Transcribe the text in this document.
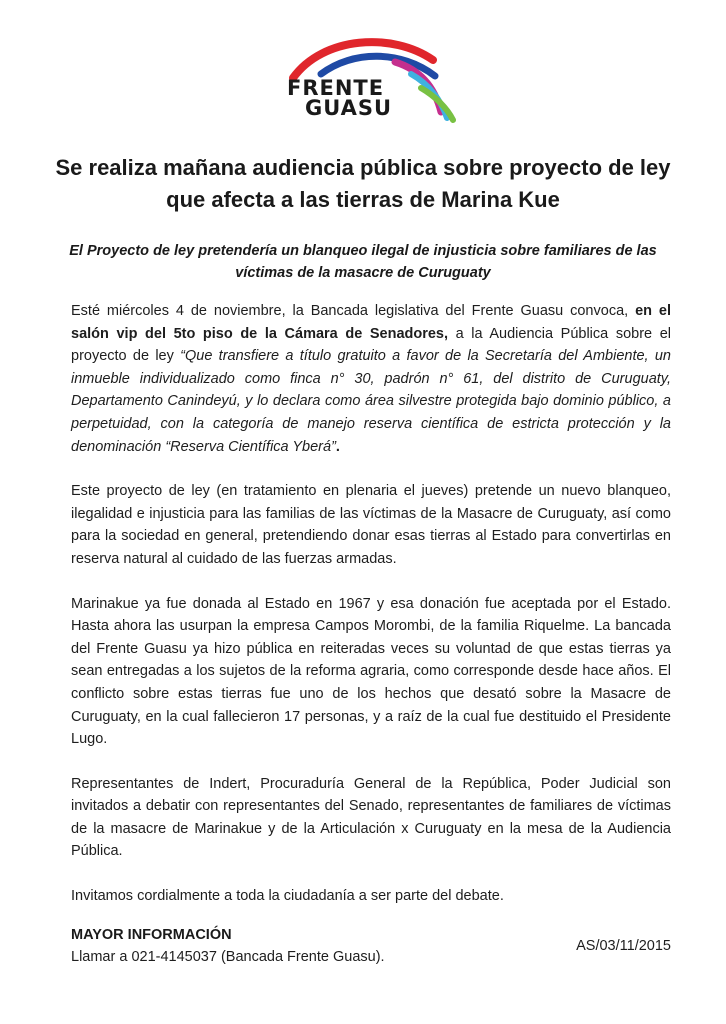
FRENTE
GUASU
Se realiza mañana audiencia pública sobre proyecto de ley que afecta a las tierras de Marina Kue

El Proyecto de ley pretendería un blanqueo ilegal de injusticia sobre familiares de las víctimas de la masacre de Curuguaty

Esté miércoles 4 de noviembre, la Bancada legislativa del Frente Guasu convoca, en el salón vip del 5to piso de la Cámara de Senadores, a la Audiencia Pública sobre el proyecto de ley “Que transfiere a título gratuito a favor de la Secretaría del Ambiente, un inmueble individualizado como finca n° 30, padrón n° 61, del distrito de Curuguaty, Departamento Canindeyú, y lo declara como área silvestre protegida bajo dominio público, a perpetuidad, con la categoría de manejo reserva científica de estricta protección y la denominación “Reserva Científica Yberá”.

Este proyecto de ley (en tratamiento en plenaria el jueves) pretende un nuevo blanqueo, ilegalidad e injusticia para las familias de las víctimas de la Masacre de Curuguaty, así como para la sociedad en general, pretendiendo donar esas tierras al Estado para convertirlas en reserva natural al cuidado de las fuerzas armadas.

Marinakue ya fue donada al Estado en 1967 y esa donación fue aceptada por el Estado. Hasta ahora las usurpan la empresa Campos Morombi, de la familia Riquelme. La bancada del Frente Guasu ya hizo pública en reiteradas veces su voluntad de que estas tierras ya sean entregadas a los sujetos de la reforma agraria, como corresponde desde hace años. El conflicto sobre estas tierras fue uno de los hechos que desató sobre la Masacre de Curuguaty, en la cual fallecieron 17 personas, y a raíz de la cual fue destituido el Presidente Lugo.

Representantes de Indert, Procuraduría General de la República, Poder Judicial son invitados a debatir con representantes del Senado, representantes de familiares de víctimas de la masacre de Marinakue y de la Articulación x Curuguaty en la mesa de la Audiencia Pública.

Invitamos cordialmente a toda la ciudadanía a ser parte del debate.

MAYOR INFORMACIÓN
Llamar a 021-4145037 (Bancada Frente Guasu).
AS/03/11/2015
